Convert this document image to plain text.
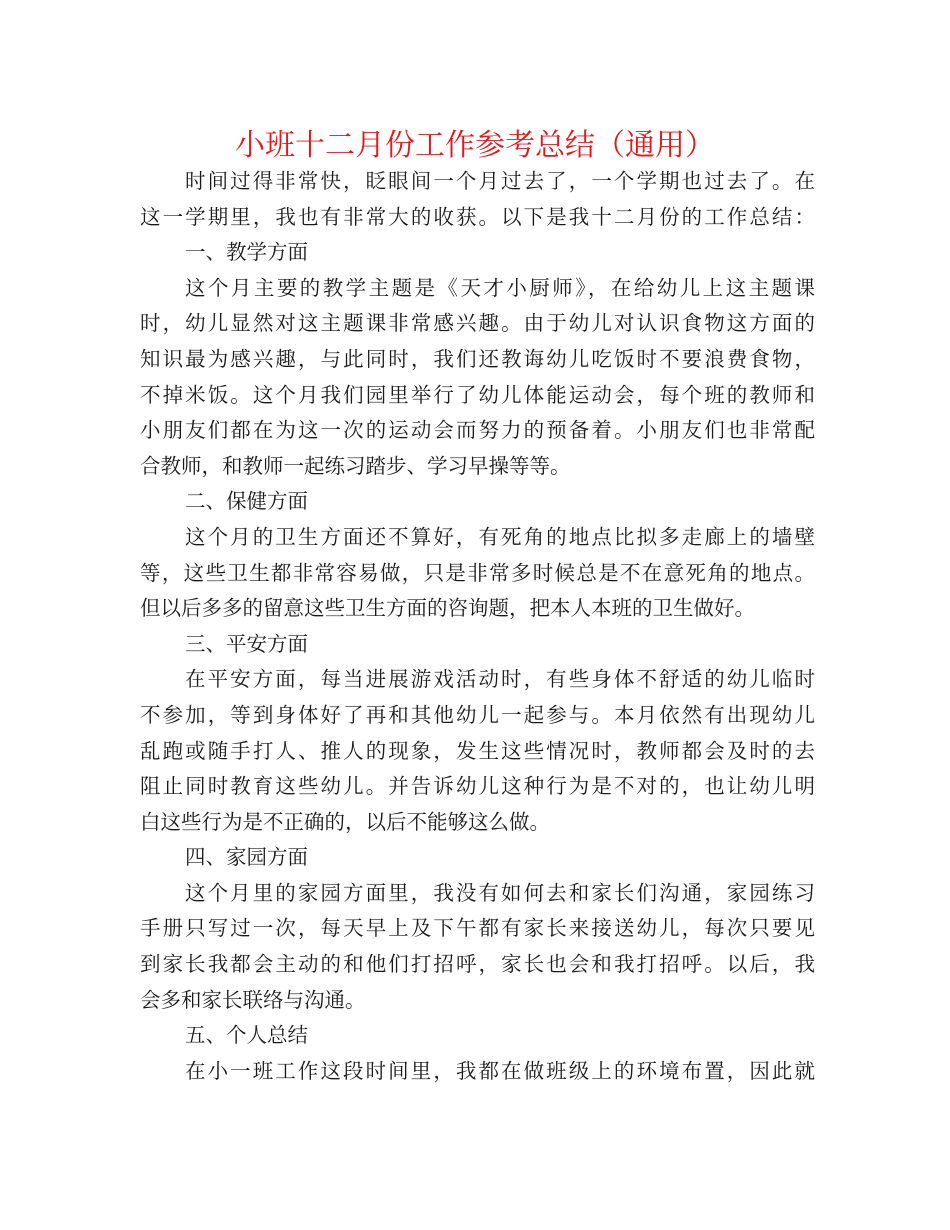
小班十二月份工作参考总结（通用）
时间过得非常快，眨眼间一个月过去了，一个学期也过去了。在
这一学期里，我也有非常大的收获。以下是我十二月份的工作总结：
一、教学方面
这个月主要的教学主题是《天才小厨师》，在给幼儿上这主题课
时，幼儿显然对这主题课非常感兴趣。由于幼儿对认识食物这方面的
知识最为感兴趣，与此同时，我们还教诲幼儿吃饭时不要浪费食物，
不掉米饭。这个月我们园里举行了幼儿体能运动会，每个班的教师和
小朋友们都在为这一次的运动会而努力的预备着。小朋友们也非常配
合教师，和教师一起练习踏步、学习早操等等。
二、保健方面
这个月的卫生方面还不算好，有死角的地点比拟多走廊上的墙壁
等，这些卫生都非常容易做，只是非常多时候总是不在意死角的地点。
但以后多多的留意这些卫生方面的咨询题，把本人本班的卫生做好。
三、平安方面
在平安方面，每当进展游戏活动时，有些身体不舒适的幼儿临时
不参加，等到身体好了再和其他幼儿一起参与。本月依然有出现幼儿
乱跑或随手打人、推人的现象，发生这些情况时，教师都会及时的去
阻止同时教育这些幼儿。并告诉幼儿这种行为是不对的，也让幼儿明
白这些行为是不正确的，以后不能够这么做。
四、家园方面
这个月里的家园方面里，我没有如何去和家长们沟通，家园练习
手册只写过一次，每天早上及下午都有家长来接送幼儿，每次只要见
到家长我都会主动的和他们打招呼，家长也会和我打招呼。以后，我
会多和家长联络与沟通。
五、个人总结
在小一班工作这段时间里，我都在做班级上的环境布置，因此就
